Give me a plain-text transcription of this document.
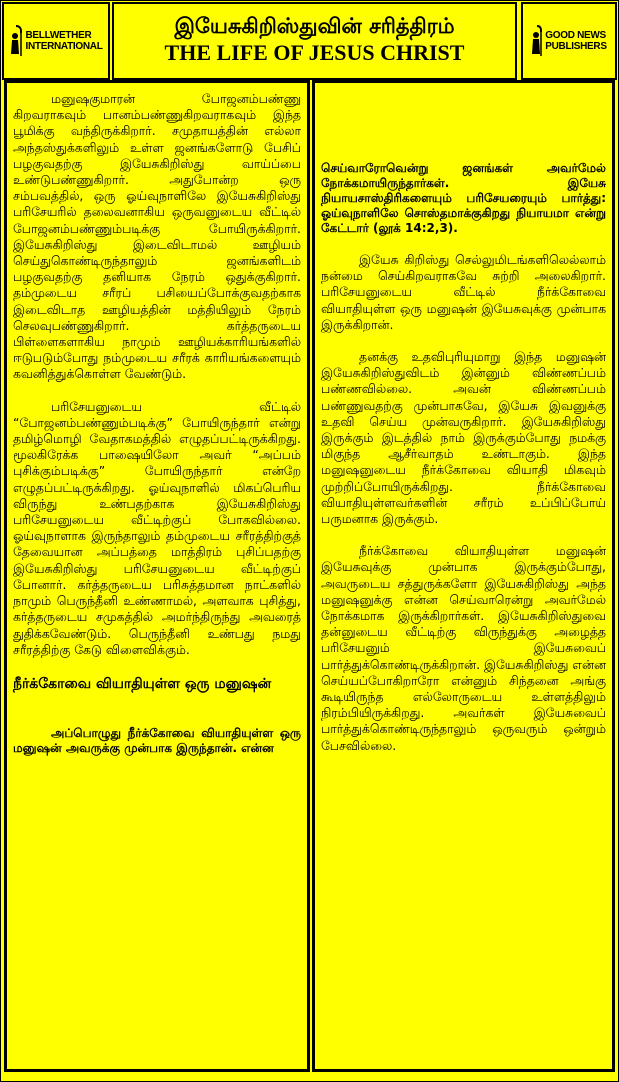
BELLWETHER
INTERNATIONAL
இயேசுகிறிஸ்துவின் சரித்திரம்
THE LIFE OF JESUS CHRIST
GOOD NEWS
PUBLISHERS

மனுஷகுமாரன் போஜனம்பண்ணு கிறவராகவும் பானம்பண்ணுகிறவராகவும் இந்த பூமிக்கு வந்திருக்கிறார். சமுதாயத்தின் எல்லா அந்தஸ்துக்களிலும் உள்ள ஜனங்களோடு பேசிப் பழகுவதற்கு இயேசுகிறிஸ்து வாய்ப்பை உண்டுபண்ணுகிறார். அதுபோன்ற ஒரு சம்பவத்தில், ஒரு ஓய்வுநாளிலே இயேசுகிறிஸ்து பரிசேயரில் தலைவனாகிய ஒருவனுடைய வீட்டில் போஜனம்பண்ணும்படிக்கு போயிருக்கிறார். இயேசுகிறிஸ்து இடைவிடாமல் ஊழியம் செய்துகொண்டிருந்தாலும் ஜனங்களிடம் பழகுவதற்கு தனியாக நேரம் ஒதுக்குகிறார். தம்முடைய சரீரப் பசியைப்போக்குவதற்காக இடைவிடாத ஊழியத்தின் மத்தியிலும் நேரம் செலவுபண்ணுகிறார். கர்த்தருடைய பிள்ளைகளாகிய நாமும் ஊழியக்காரியங்களில் ஈடுபடும்போது நம்முடைய சரீரக் காரியங்களையும் கவனித்துக்கொள்ள வேண்டும்.

பரிசேயனுடைய வீட்டில் “போஜனம்பண்ணும்படிக்கு” போயிருந்தார் என்று தமிழ்மொழி வேதாகமத்தில் எழுதப்பட்டிருக்கிறது. மூலகிரேக்க பாஷையிலோ அவர் “அப்பம் புசிக்கும்படிக்கு” போயிருந்தார் என்றே எழுதப்பட்டிருக்கிறது. ஓய்வுநாளில் மிகப்பெரிய விருந்து உண்பதற்காக இயேசுகிறிஸ்து பரிசேயனுடைய வீட்டிற்குப் போகவில்லை. ஓய்வுநாளாக இருந்தாலும் தம்முடைய சரீரத்திற்குத் தேவையான அப்பத்தை மாத்திரம் புசிப்பதற்கு இயேசுகிறிஸ்து பரிசேயனுடைய வீட்டிற்குப் போனார். கர்த்தருடைய பரிசுத்தமான நாட்களில் நாமும் பெருந்தீனி உண்ணாமல், அளவாக புசித்து, கர்த்தருடைய சமுகத்தில் அமர்ந்திருந்து அவரைத் துதிக்கவேண்டும். பெருந்தீனி உண்பது நமது சரீரத்திற்கு கேடு விளைவிக்கும்.

நீர்க்கோவை வியாதியுள்ள ஒரு மனுஷன்

அப்பொழுது நீர்க்கோவை வியாதியுள்ள ஒரு மனுஷன் அவருக்கு முன்பாக இருந்தான். என்ன

செய்வாரோவென்று ஜனங்கள் அவர்மேல் நோக்கமாயிருந்தார்கள். இயேசு நியாயசாஸ்திரிகளையும் பரிசேயரையும் பார்த்து: ஓய்வுநாளிலே சொஸ்தமாக்குகிறது நியாயமா என்று கேட்டார் (லூக் 14:2,3).

இயேசு கிறிஸ்து செல்லுமிடங்களிலெல்லாம் நன்மை செய்கிறவராகவே சுற்றி அலைகிறார். பரிசேயனுடைய வீட்டில் நீர்க்கோவை வியாதியுள்ள ஒரு மனுஷன் இயேசுவுக்கு முன்பாக இருக்கிறான்.

தனக்கு உதவிபுரியுமாறு இந்த மனுஷன் இயேசுகிறிஸ்துவிடம் இன்னும் விண்ணப்பம் பண்ணவில்லை. அவன் விண்ணப்பம் பண்ணுவதற்கு முன்பாகவே, இயேசு இவனுக்கு உதவி செய்ய முன்வருகிறார். இயேசுகிறிஸ்து இருக்கும் இடத்தில் நாம் இருக்கும்போது நமக்கு மிகுந்த ஆசீர்வாதம் உண்டாகும். இந்த மனுஷனுடைய நீர்க்கோவை வியாதி மிகவும் முற்றிப்போயிருக்கிறது. நீர்க்கோவை வியாதியுள்ளவர்களின் சரீரம் உப்பிப்போய் பருமனாக இருக்கும்.

நீர்க்கோவை வியாதியுள்ள மனுஷன் இயேசுவுக்கு முன்பாக இருக்கும்போது, அவருடைய சத்துருக்களோ இயேசுகிறிஸ்து அந்த மனுஷனுக்கு என்ன செய்வாரென்று அவர்மேல் நோக்கமாக இருக்கிறார்கள். இயேசுகிறிஸ்துவை தன்னுடைய வீட்டிற்கு விருந்துக்கு அழைத்த பரிசேயனும் இயேசுவைப் பார்த்துக்கொண்டிருக்கிறான். இயேசுகிறிஸ்து என்ன செய்யப்போகிறாரோ என்னும் சிந்தனை அங்கு கூடியிருந்த எல்லோருடைய உள்ளத்திலும் நிரம்பியிருக்கிறது. அவர்கள் இயேசுவைப் பார்த்துக்கொண்டிருந்தாலும் ஒருவரும் ஒன்றும் பேசவில்லை.
